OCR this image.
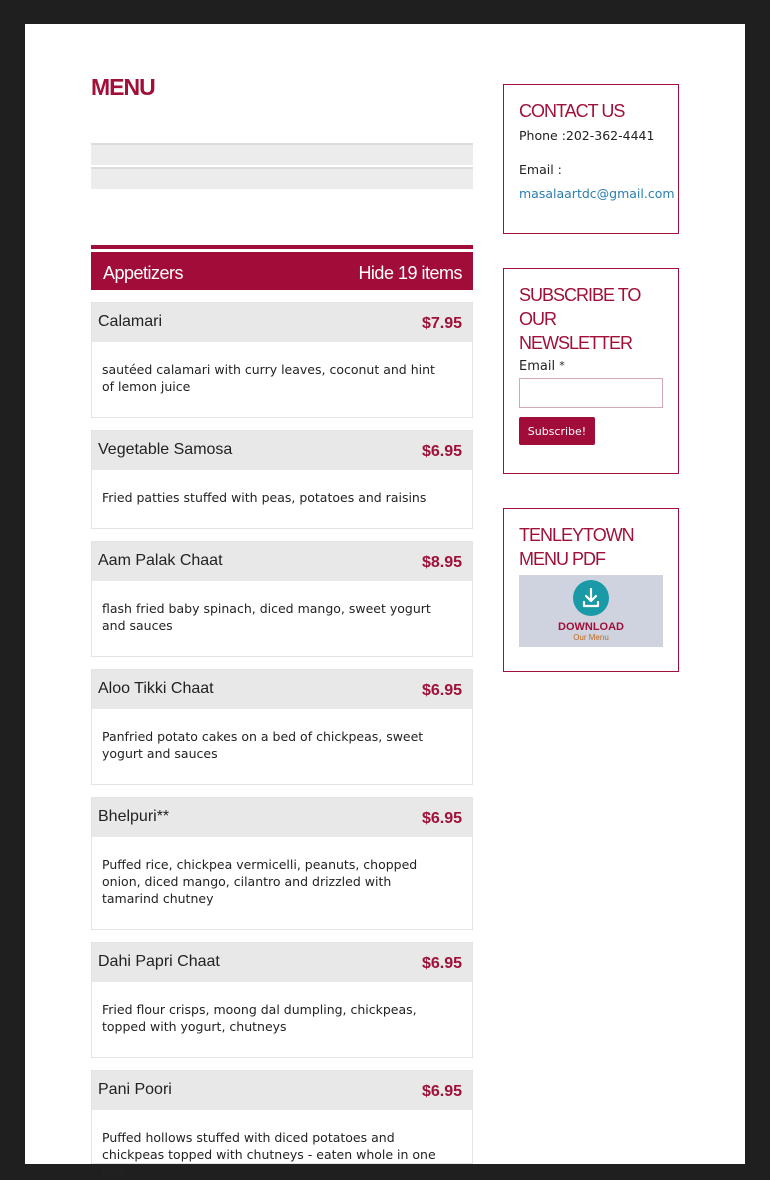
MENU
Appetizers	Hide 19 items
Calamari	$7.95
sautéed calamari with curry leaves, coconut and hint of lemon juice
Vegetable Samosa	$6.95
Fried patties stuffed with peas, potatoes and raisins
Aam Palak Chaat	$8.95
flash fried baby spinach, diced mango, sweet yogurt and sauces
Aloo Tikki Chaat	$6.95
Panfried potato cakes on a bed of chickpeas, sweet yogurt and sauces
Bhelpuri**	$6.95
Puffed rice, chickpea vermicelli, peanuts, chopped onion, diced mango, cilantro and drizzled with tamarind chutney
Dahi Papri Chaat	$6.95
Fried flour crisps, moong dal dumpling, chickpeas, topped with yogurt, chutneys
Pani Poori	$6.95
Puffed hollows stuffed with diced potatoes and chickpeas topped with chutneys - eaten whole in one bite
CONTACT US
Phone :202-362-4441
Email :
masalaartdc@gmail.com
SUBSCRIBE TO OUR NEWSLETTER
Email *
Subscribe!
TENLEYTOWN MENU PDF
DOWNLOAD
Our Menu
